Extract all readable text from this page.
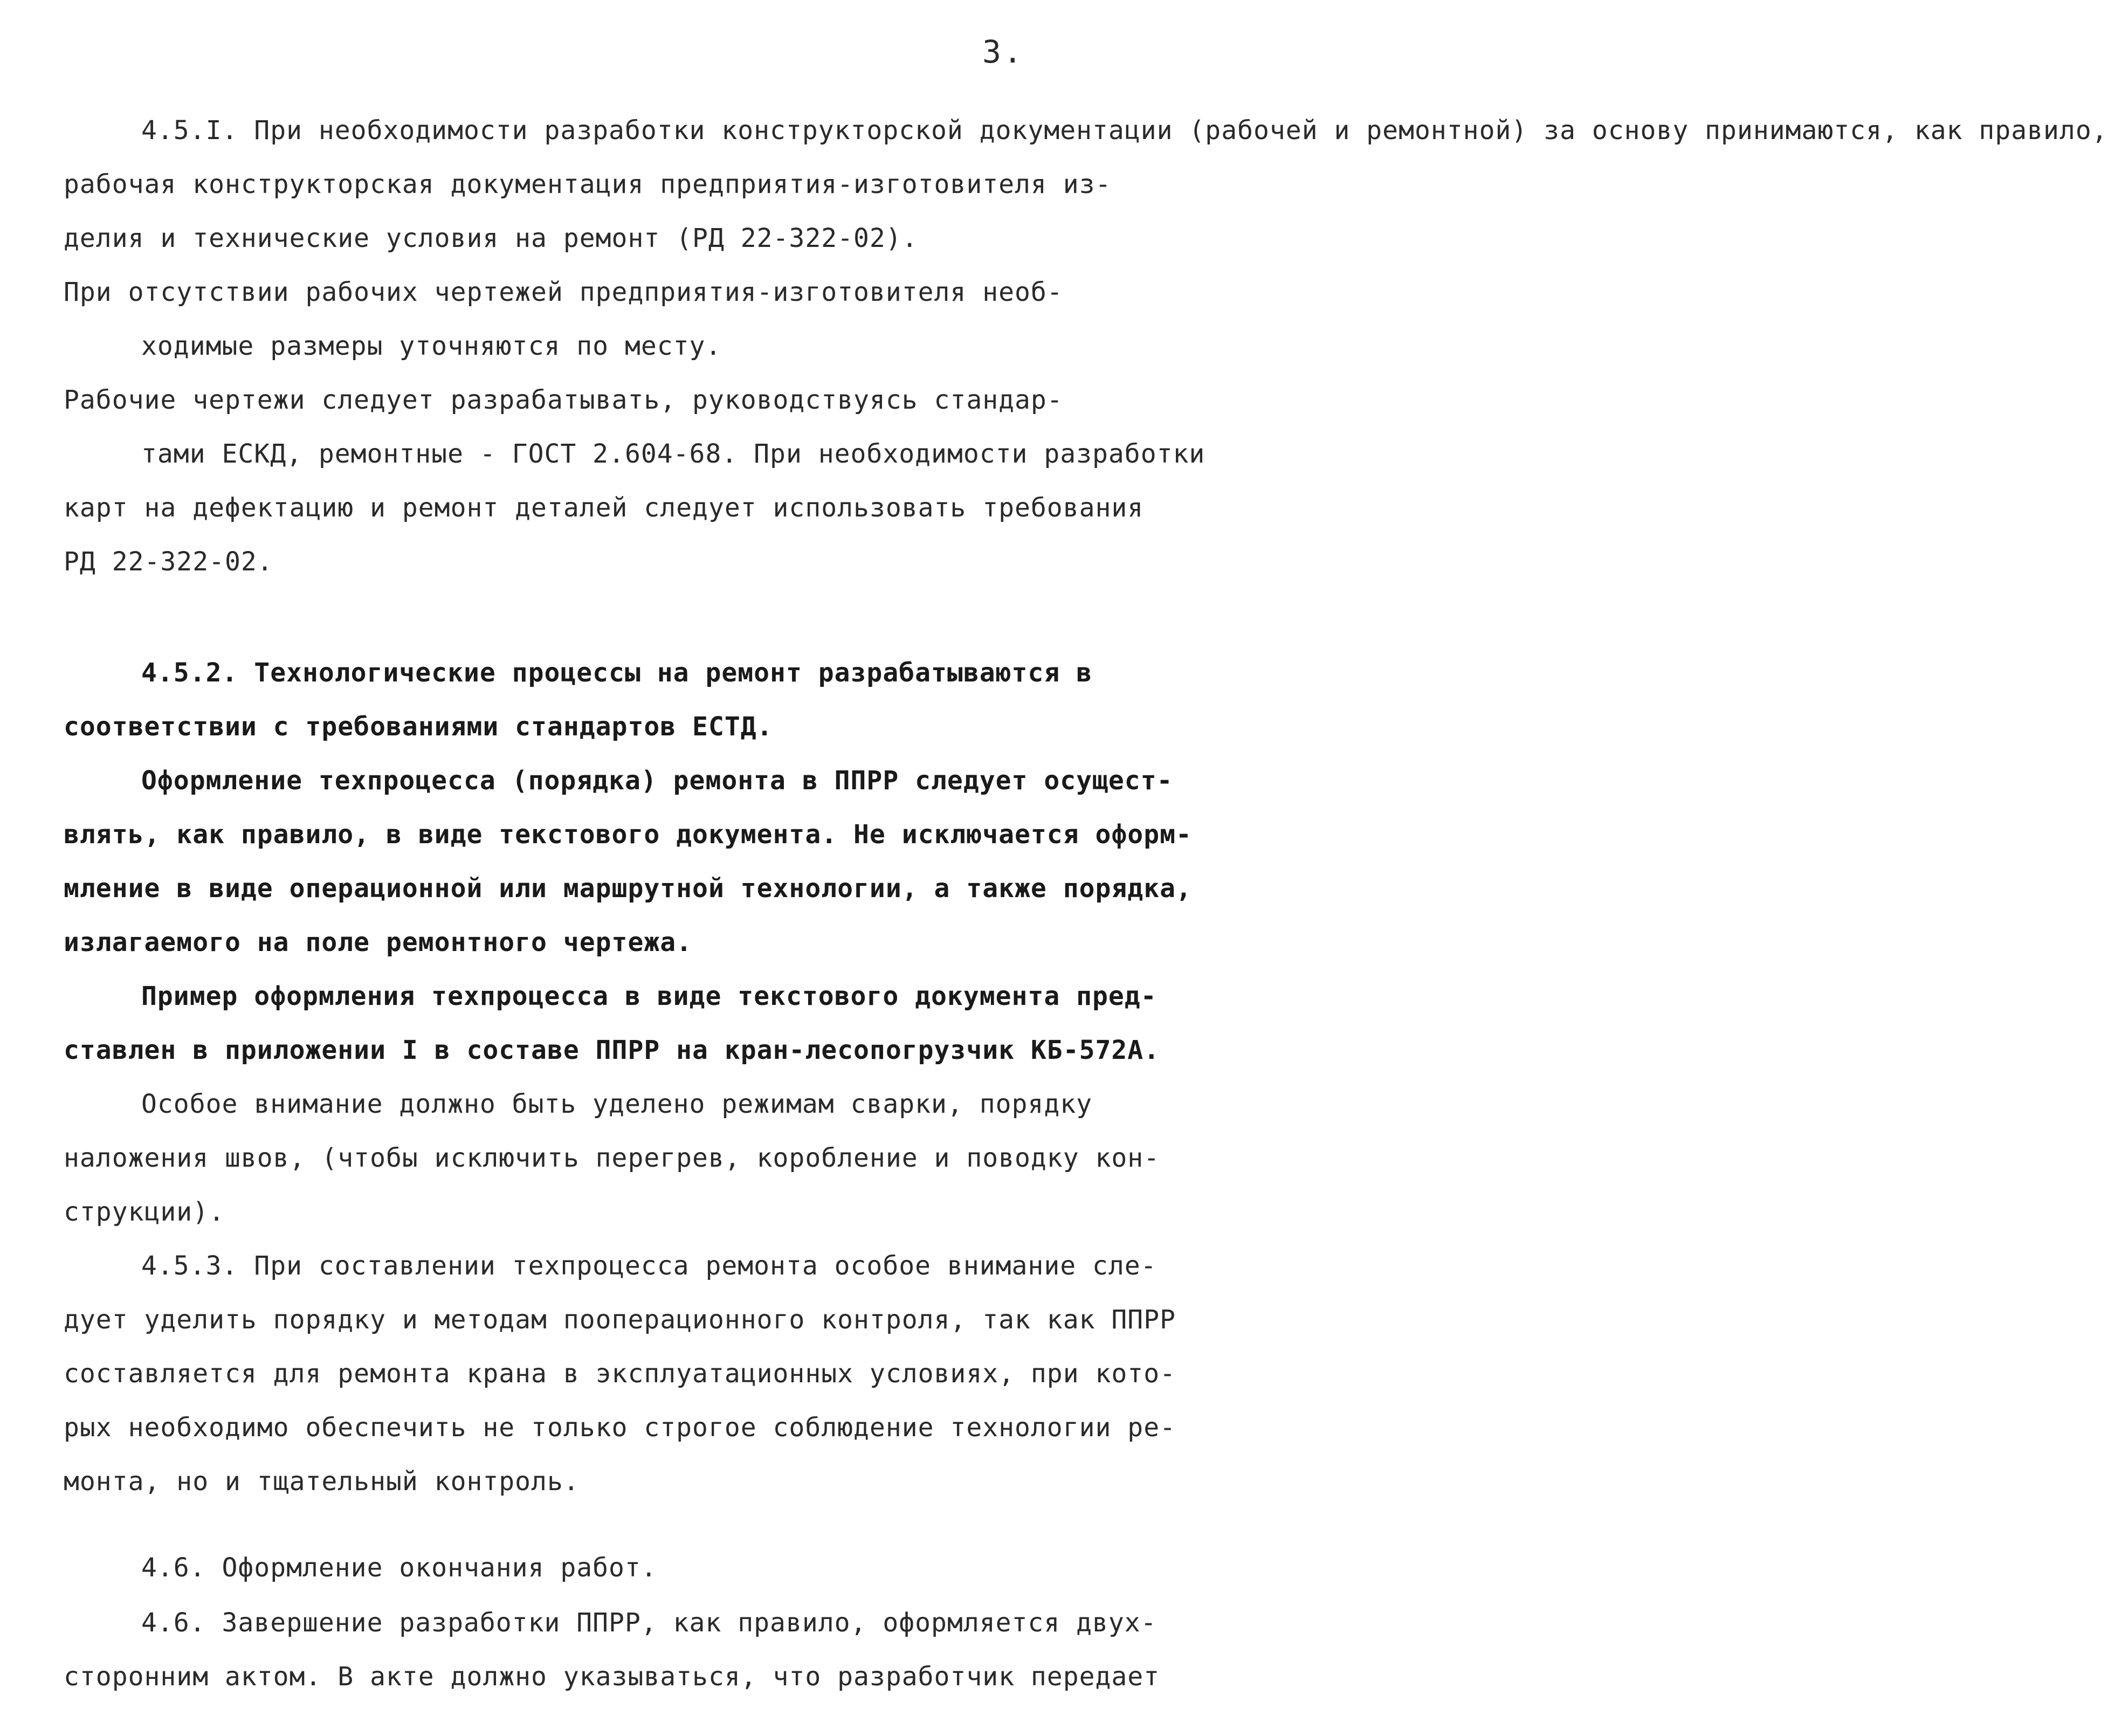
3.
4.5.I. При необходимости разработки конструкторской документации (рабочей и ремонтной) за основу принимаются, как правило,
рабочая конструкторская документация предприятия-изготовителя из-
делия и технические условия на ремонт (РД 22-322-02).
При отсутствии рабочих чертежей предприятия-изготовителя необ-
ходимые размеры уточняются по месту.
Рабочие чертежи следует разрабатывать, руководствуясь стандар-
тами ЕСКД, ремонтные - ГОСТ 2.604-68. При необходимости разработки
карт на дефектацию и ремонт деталей следует использовать требования
РД 22-322-02.
4.5.2. Технологические процессы на ремонт разрабатываются в
соответствии с требованиями стандартов ЕСТД.
Оформление техпроцесса (порядка) ремонта в ППРР следует осущест-
влять, как правило, в виде текстового документа. Не исключается оформ-
мление в виде операционной или маршрутной технологии, а также порядка,
излагаемого на поле ремонтного чертежа.
Пример оформления техпроцесса в виде текстового документа пред-
ставлен в приложении I в составе ППРР на кран-лесопогрузчик КБ-572А.
Особое внимание должно быть уделено режимам сварки, порядку
наложения швов, (чтобы исключить перегрев, коробление и поводку кон-
струкции).
4.5.3. При составлении техпроцесса ремонта особое внимание сле-
дует уделить порядку и методам пооперационного контроля, так как ППРР
составляется для ремонта крана в эксплуатационных условиях, при кото-
рых необходимо обеспечить не только строгое соблюдение технологии ре-
монта, но и тщательный контроль.
4.6. Оформление окончания работ.
4.6. Завершение разработки ППРР, как правило, оформляется двух-
сторонним актом. В акте должно указываться, что разработчик передает
